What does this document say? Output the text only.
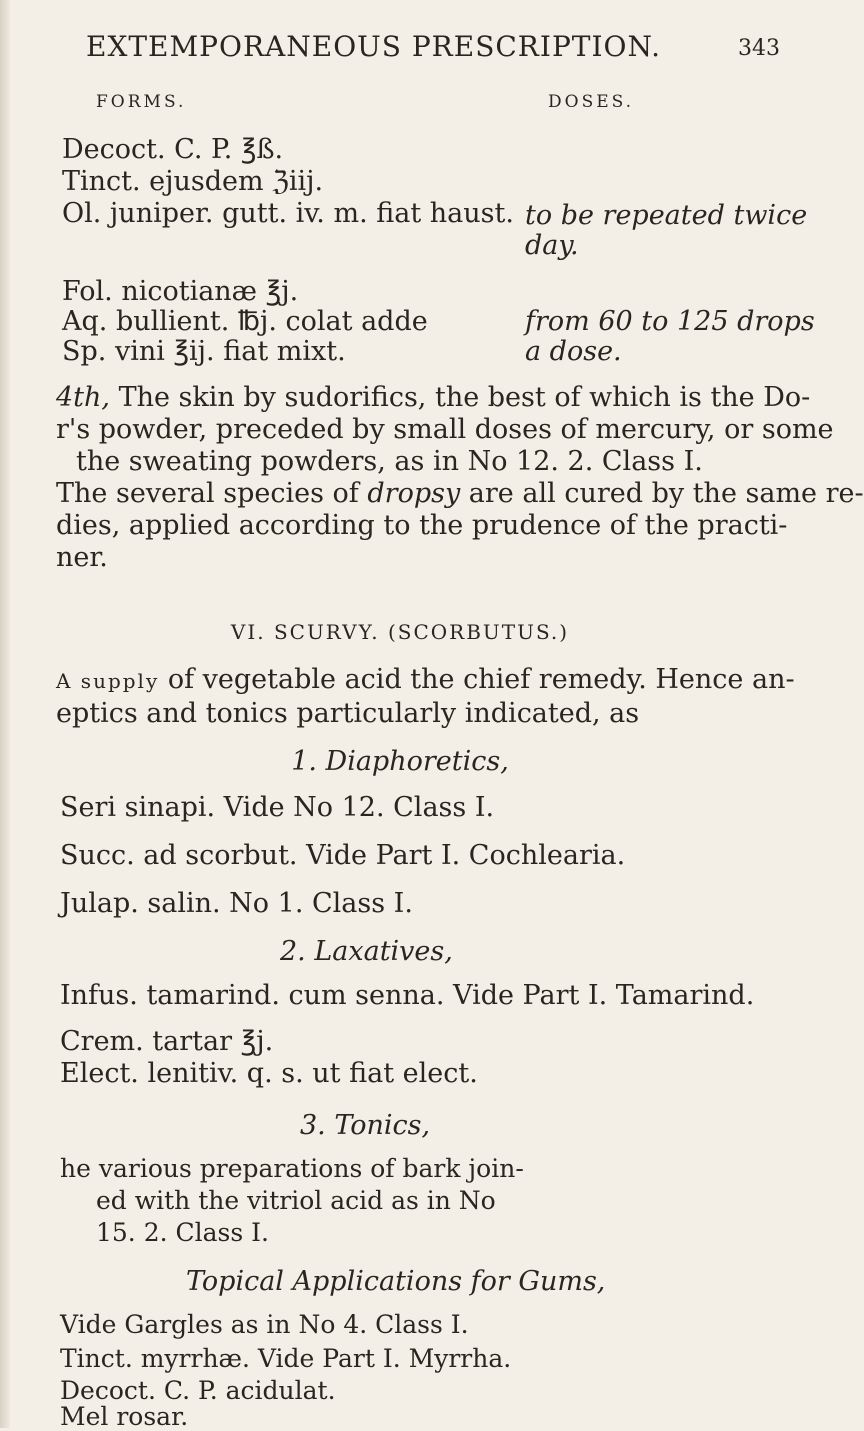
EXTEMPORANEOUS PRESCRIPTION.	343
FORMS.	DOSES.
Decoct. C. P. ℥ß.
Tinct. ejusdem ℨiij.
Ol. juniper. gutt. iv. m. fiat haust. to be repeated twice
day.
Fol. nicotianæ ℥j.
Aq. bullient. ℔j. colat adde
Sp. vini ℥ij. fiat mixt.
from 60 to 125 drops
a dose.
4th, The skin by sudorifics, the best of which is the Do-
r's powder, preceded by small doses of mercury, or some
the sweating powders, as in No 12. 2. Class I.
The several species of dropsy are all cured by the same re-
dies, applied according to the prudence of the practi-
ner.
VI. SCURVY. (SCORBUTUS.)
A supply of vegetable acid the chief remedy. Hence an-
eptics and tonics particularly indicated, as
1. Diaphoretics,
Seri sinapi. Vide No 12. Class I.
Succ. ad scorbut. Vide Part I. Cochlearia.
Julap. salin. No 1. Class I.
2. Laxatives,
Infus. tamarind. cum senna. Vide Part I. Tamarind.
Crem. tartar ℥j.
Elect. lenitiv. q. s. ut fiat elect.
3. Tonics,
he various preparations of bark join-
ed with the vitriol acid as in No
15. 2. Class I.
Topical Applications for Gums,
Vide Gargles as in No 4. Class I.
Tinct. myrrhæ. Vide Part I. Myrrha.
Decoct. C. P. acidulat.
Mel rosar.
